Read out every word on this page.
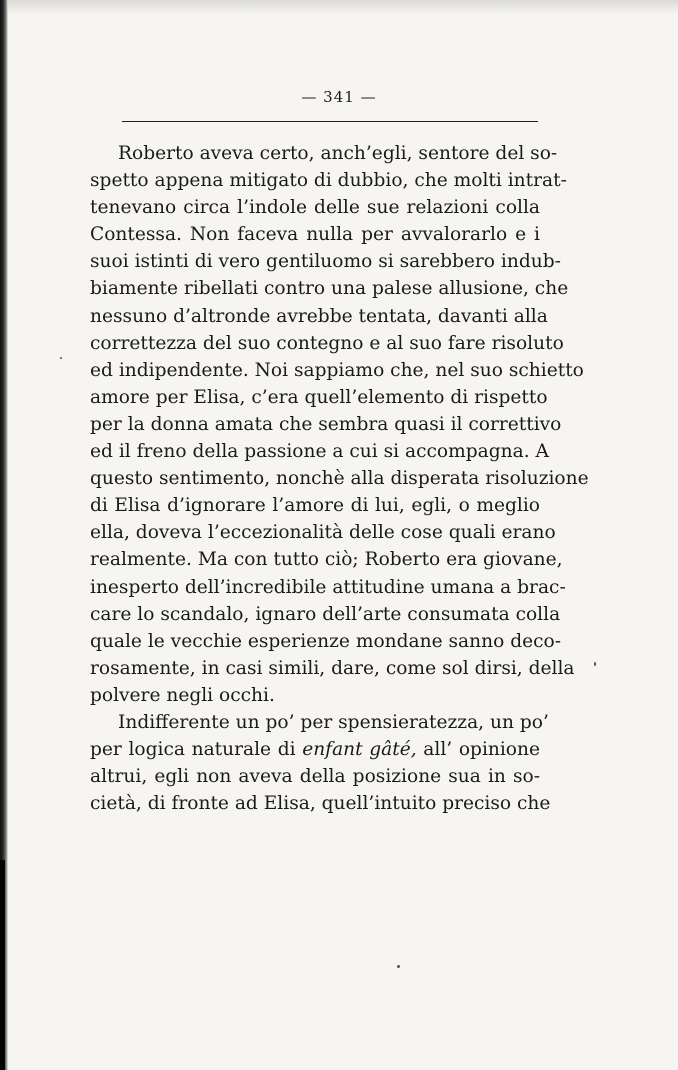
— 341 —

Roberto aveva certo, anch’egli, sentore del so-
spetto appena mitigato di dubbio, che molti intrat-
tenevano circa l’indole delle sue relazioni colla
Contessa. Non faceva nulla per avvalorarlo e i
suoi istinti di vero gentiluomo si sarebbero indub-
biamente ribellati contro una palese allusione, che
nessuno d’altronde avrebbe tentata, davanti alla
correttezza del suo contegno e al suo fare risoluto
ed indipendente. Noi sappiamo che, nel suo schietto
amore per Elisa, c’era quell’elemento di rispetto
per la donna amata che sembra quasi il correttivo
ed il freno della passione a cui si accompagna. A
questo sentimento, nonchè alla disperata risoluzione
di Elisa d’ignorare l’amore di lui, egli, o meglio
ella, doveva l’eccezionalità delle cose quali erano
realmente. Ma con tutto ciò; Roberto era giovane,
inesperto dell’incredibile attitudine umana a brac-
care lo scandalo, ignaro dell’arte consumata colla
quale le vecchie esperienze mondane sanno deco-
rosamente, in casi simili, dare, come sol dirsi, della
polvere negli occhi.

Indifferente un po’ per spensieratezza, un po’
per logica naturale di enfant gâté, all’ opinione
altrui, egli non aveva della posizione sua in so-
cietà, di fronte ad Elisa, quell’intuito preciso che
